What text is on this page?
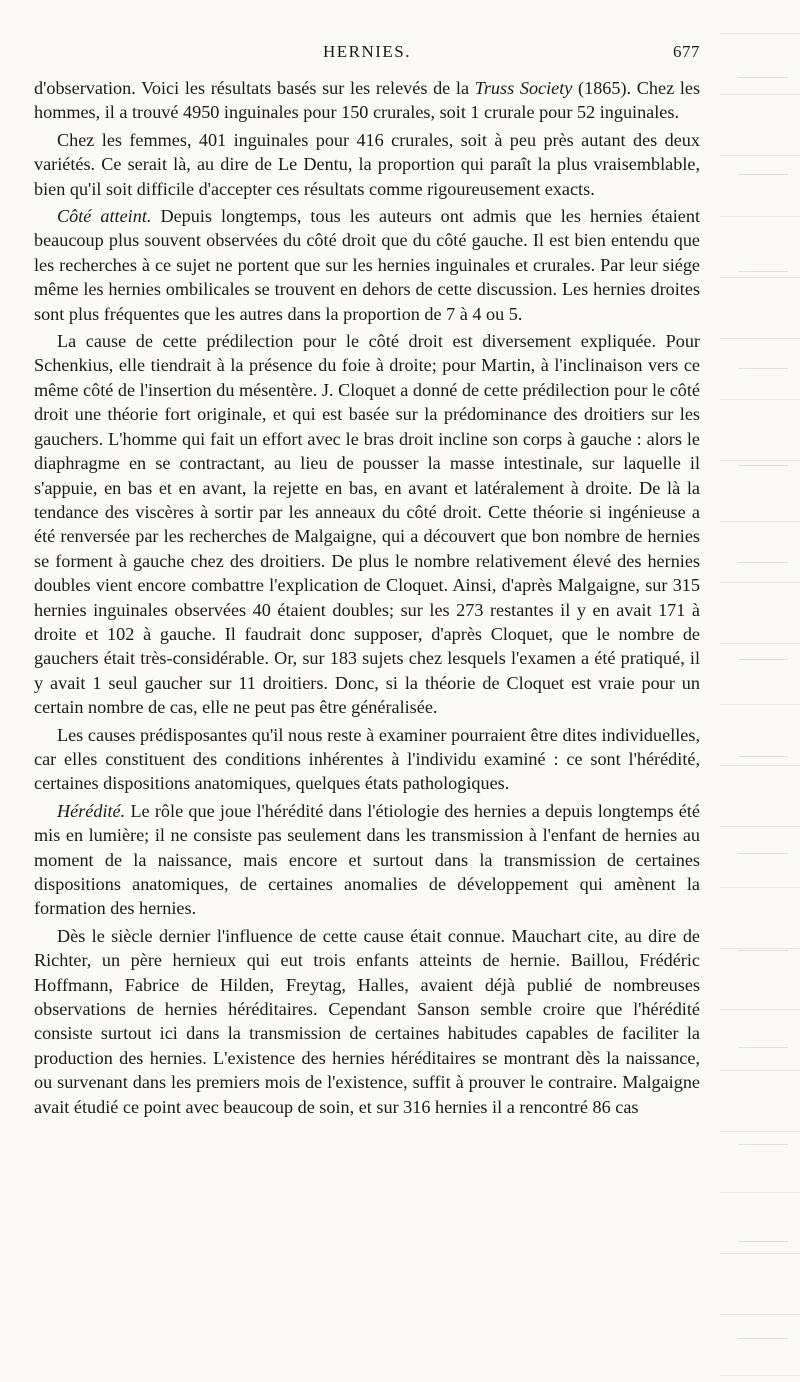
HERNIES.	677

d'observation. Voici les résultats basés sur les relevés de la Truss Society (1865). Chez les hommes, il a trouvé 4950 inguinales pour 150 crurales, soit 1 crurale pour 52 inguinales.

Chez les femmes, 401 inguinales pour 416 crurales, soit à peu près autant des deux variétés. Ce serait là, au dire de Le Dentu, la proportion qui paraît la plus vraisemblable, bien qu'il soit difficile d'accepter ces résultats comme rigoureusement exacts.

Côté atteint. Depuis longtemps, tous les auteurs ont admis que les hernies étaient beaucoup plus souvent observées du côté droit que du côté gauche. Il est bien entendu que les recherches à ce sujet ne portent que sur les hernies inguinales et crurales. Par leur siége même les hernies ombilicales se trouvent en dehors de cette discussion. Les hernies droites sont plus fréquentes que les autres dans la proportion de 7 à 4 ou 5.

La cause de cette prédilection pour le côté droit est diversement expliquée. Pour Schenkius, elle tiendrait à la présence du foie à droite; pour Martin, à l'inclinaison vers ce même côté de l'insertion du mésentère. J. Cloquet a donné de cette prédilection pour le côté droit une théorie fort originale, et qui est basée sur la prédominance des droitiers sur les gauchers. L'homme qui fait un effort avec le bras droit incline son corps à gauche : alors le diaphragme en se contractant, au lieu de pousser la masse intestinale, sur laquelle il s'appuie, en bas et en avant, la rejette en bas, en avant et latéralement à droite. De là la tendance des viscères à sortir par les anneaux du côté droit. Cette théorie si ingénieuse a été renversée par les recherches de Malgaigne, qui a découvert que bon nombre de hernies se forment à gauche chez des droitiers. De plus le nombre relativement élevé des hernies doubles vient encore combattre l'explication de Cloquet. Ainsi, d'après Malgaigne, sur 315 hernies inguinales observées 40 étaient doubles; sur les 273 restantes il y en avait 171 à droite et 102 à gauche. Il faudrait donc supposer, d'après Cloquet, que le nombre de gauchers était très-considérable. Or, sur 183 sujets chez lesquels l'examen a été pratiqué, il y avait 1 seul gaucher sur 11 droitiers. Donc, si la théorie de Cloquet est vraie pour un certain nombre de cas, elle ne peut pas être généralisée.

Les causes prédisposantes qu'il nous reste à examiner pourraient être dites individuelles, car elles constituent des conditions inhérentes à l'individu examiné : ce sont l'hérédité, certaines dispositions anatomiques, quelques états pathologiques.

Hérédité. Le rôle que joue l'hérédité dans l'étiologie des hernies a depuis longtemps été mis en lumière; il ne consiste pas seulement dans les transmission à l'enfant de hernies au moment de la naissance, mais encore et surtout dans la transmission de certaines dispositions anatomiques, de certaines anomalies de développement qui amènent la formation des hernies.

Dès le siècle dernier l'influence de cette cause était connue. Mauchart cite, au dire de Richter, un père hernieux qui eut trois enfants atteints de hernie. Baillou, Frédéric Hoffmann, Fabrice de Hilden, Freytag, Halles, avaient déjà publié de nombreuses observations de hernies héréditaires. Cependant Sanson semble croire que l'hérédité consiste surtout ici dans la transmission de certaines habitudes capables de faciliter la production des hernies. L'existence des hernies héréditaires se montrant dès la naissance, ou survenant dans les premiers mois de l'existence, suffit à prouver le contraire. Malgaigne avait étudié ce point avec beaucoup de soin, et sur 316 hernies il a rencontré 86 cas
